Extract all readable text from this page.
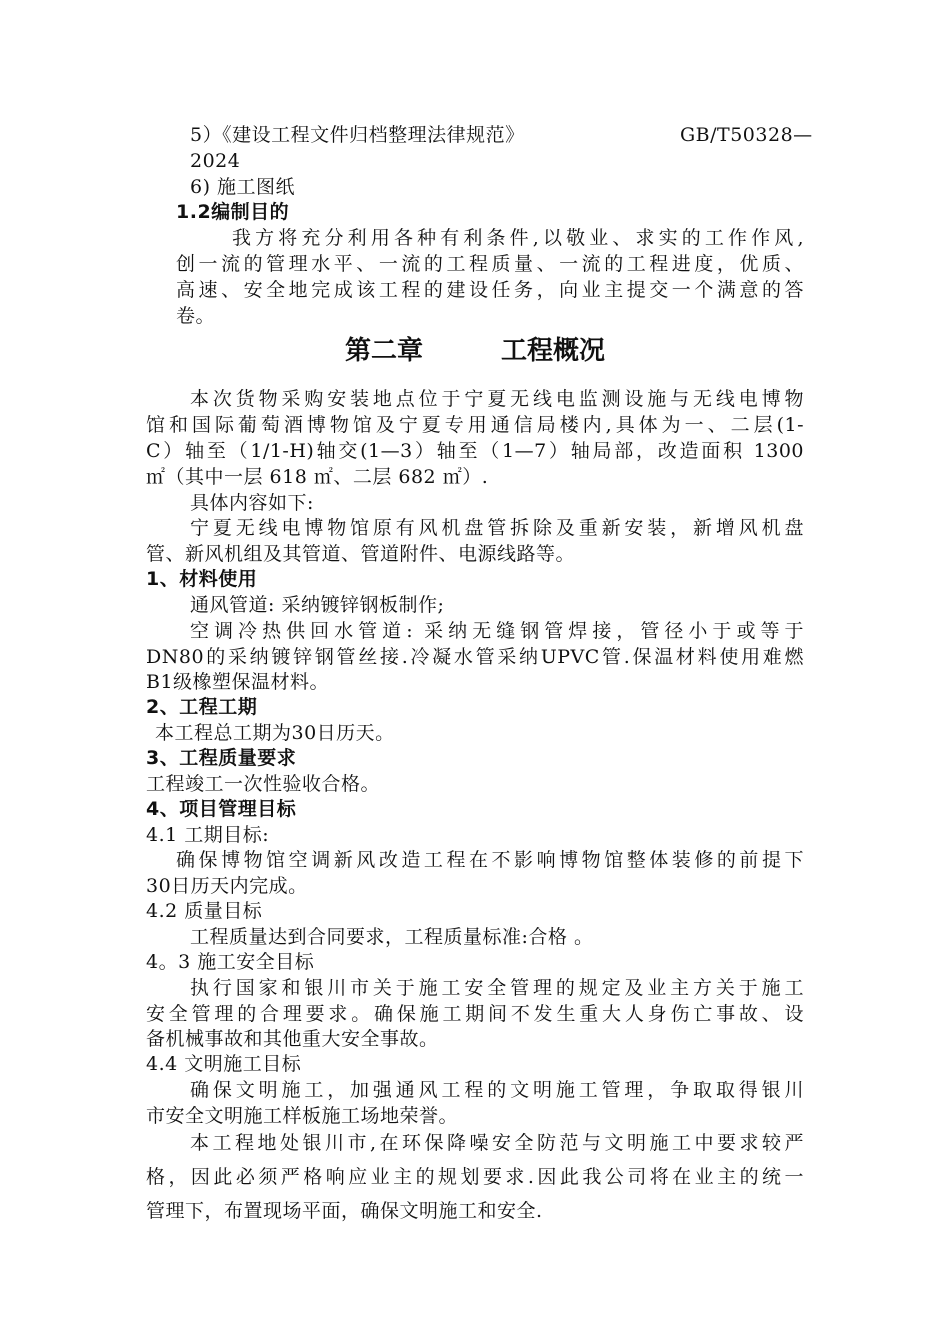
5）《建设工程文件归档整理法律规范》	GB/T50328—
2024
6) 施工图纸
1.2编制目的
我方将充分利用各种有利条件,以敬业、求实的工作作风,
创一流的管理水平、一流的工程质量、一流的工程进度，优质、
高速、安全地完成该工程的建设任务，向业主提交一个满意的答
卷。
第二章　　　工程概况
本次货物采购安装地点位于宁夏无线电监测设施与无线电博物
馆和国际葡萄酒博物馆及宁夏专用通信局楼内,具体为一、二层(1-
C）轴至（1/1-H)轴交(1—3）轴至（1—7）轴局部，改造面积 1300
㎡（其中一层 618 ㎡、二层 682 ㎡）.
具体内容如下:
宁夏无线电博物馆原有风机盘管拆除及重新安装，新增风机盘
管、新风机组及其管道、管道附件、电源线路等。
1、材料使用
通风管道: 采纳镀锌钢板制作;
空调冷热供回水管道: 采纳无缝钢管焊接，管径小于或等于
DN80的采纳镀锌钢管丝接.冷凝水管采纳UPVC管.保温材料使用难燃
B1级橡塑保温材料。
2、工程工期
本工程总工期为30日历天。
3、工程质量要求
工程竣工一次性验收合格。
4、项目管理目标
4.1 工期目标:
确保博物馆空调新风改造工程在不影响博物馆整体装修的前提下
30日历天内完成。
4.2 质量目标
工程质量达到合同要求，工程质量标准:合格 。
4。3 施工安全目标
执行国家和银川市关于施工安全管理的规定及业主方关于施工
安全管理的合理要求。确保施工期间不发生重大人身伤亡事故、设
备机械事故和其他重大安全事故。
4.4 文明施工目标
确保文明施工，加强通风工程的文明施工管理，争取取得银川
市安全文明施工样板施工场地荣誉。
本工程地处银川市,在环保降噪安全防范与文明施工中要求较严
格，因此必须严格响应业主的规划要求.因此我公司将在业主的统一
管理下，布置现场平面，确保文明施工和安全.
